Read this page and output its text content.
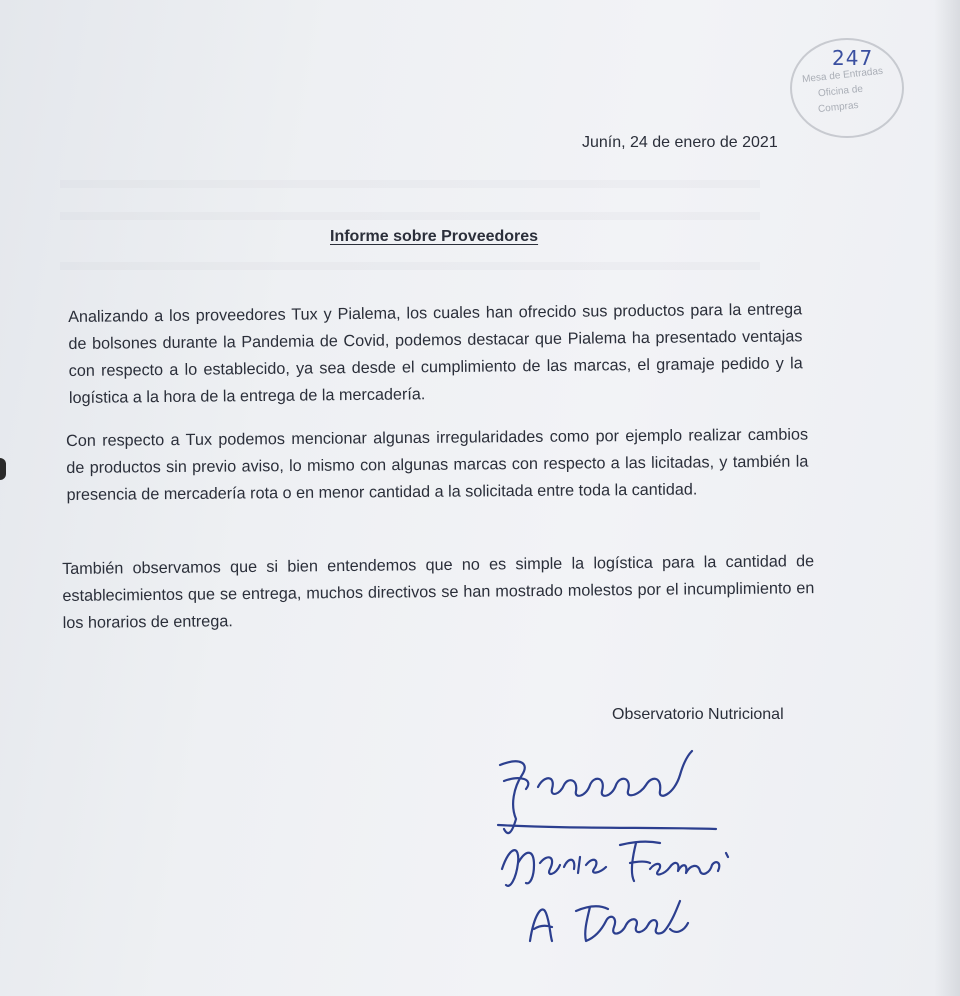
Mesa de Entradas
Oficina de
Compras
247
Junín, 24 de enero de 2021
Informe sobre Proveedores

Analizando a los proveedores Tux y Pialema, los cuales han ofrecido sus productos para la entrega de bolsones durante la Pandemia de Covid, podemos destacar que Pialema ha presentado ventajas con respecto a lo establecido, ya sea desde el cumplimiento de las marcas, el gramaje pedido y la logística a la hora de la entrega de la mercadería.

Con respecto a Tux podemos mencionar algunas irregularidades como por ejemplo realizar cambios de productos sin previo aviso, lo mismo con algunas marcas con respecto a las licitadas, y también la presencia de mercadería rota o en menor cantidad a la solicitada entre toda la cantidad.

También observamos que si bien entendemos que no es simple la logística para la cantidad de establecimientos que se entrega, muchos directivos se han mostrado molestos por el incumplimiento en los horarios de entrega.

Observatorio Nutricional
